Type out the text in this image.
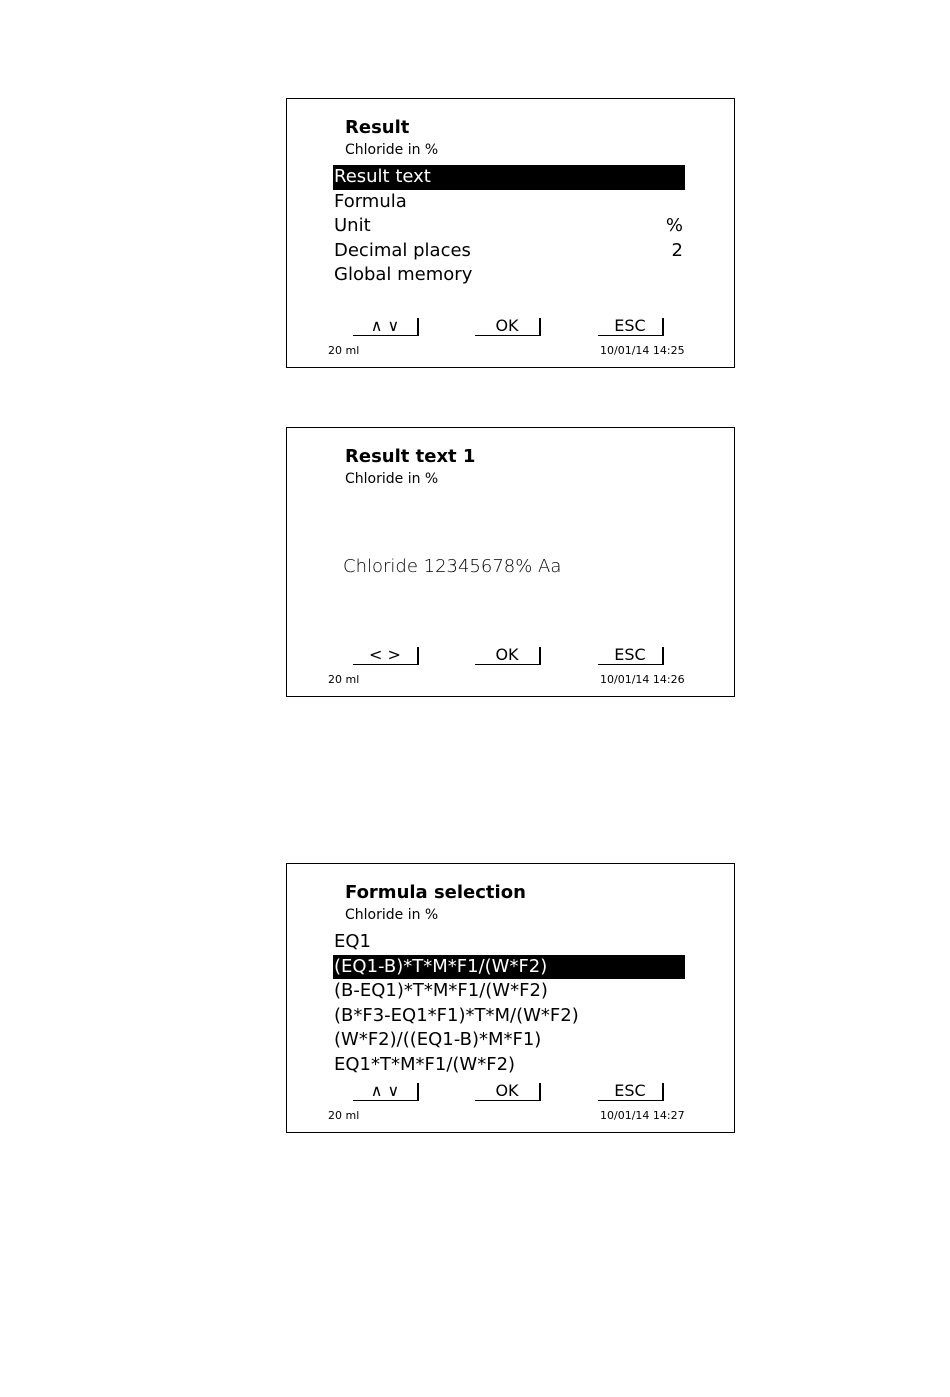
Result
Chloride in %
Result text
Formula
Unit	%
Decimal places	2
Global memory
∧ ∨	OK	ESC
20 ml	10/01/14 14:25
Result text 1
Chloride in %
Chloride 12345678% Aa
< >	OK	ESC
20 ml	10/01/14 14:26
Formula selection
Chloride in %
EQ1
(EQ1-B)*T*M*F1/(W*F2)
(B-EQ1)*T*M*F1/(W*F2)
(B*F3-EQ1*F1)*T*M/(W*F2)
(W*F2)/((EQ1-B)*M*F1)
EQ1*T*M*F1/(W*F2)
∧ ∨	OK	ESC
20 ml	10/01/14 14:27
